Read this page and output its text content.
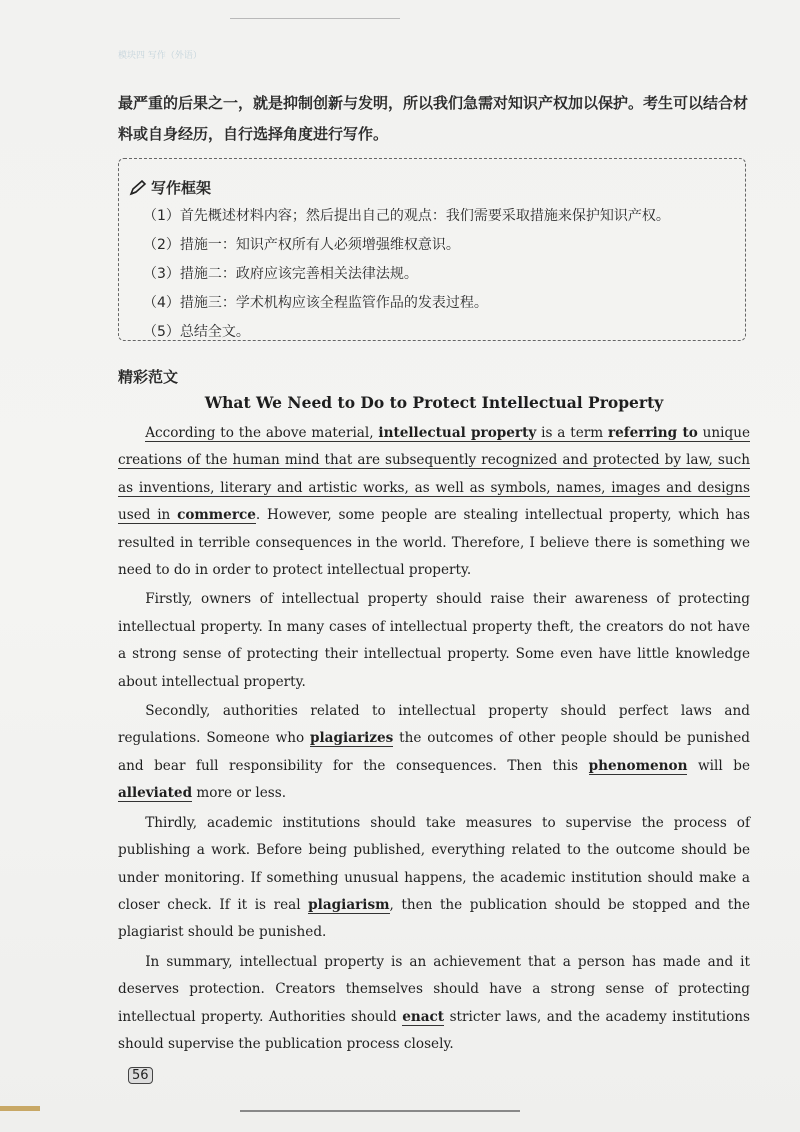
模块四 写作（外语）
最严重的后果之一，就是抑制创新与发明，所以我们急需对知识产权加以保护。考生可以结合材料或自身经历，自行选择角度进行写作。
写作框架
（1）首先概述材料内容；然后提出自己的观点：我们需要采取措施来保护知识产权。
（2）措施一：知识产权所有人必须增强维权意识。
（3）措施二：政府应该完善相关法律法规。
（4）措施三：学术机构应该全程监管作品的发表过程。
（5）总结全文。
精彩范文
What We Need to Do to Protect Intellectual Property

According to the above material, intellectual property is a term referring to unique creations of the human mind that are subsequently recognized and protected by law, such as inventions, literary and artistic works, as well as symbols, names, images and designs used in commerce. However, some people are stealing intellectual property, which has resulted in terrible consequences in the world. Therefore, I believe there is something we need to do in order to protect intellectual property.

Firstly, owners of intellectual property should raise their awareness of protecting intellectual property. In many cases of intellectual property theft, the creators do not have a strong sense of protecting their intellectual property. Some even have little knowledge about intellectual property.

Secondly, authorities related to intellectual property should perfect laws and regulations. Someone who plagiarizes the outcomes of other people should be punished and bear full responsibility for the consequences. Then this phenomenon will be alleviated more or less.

Thirdly, academic institutions should take measures to supervise the process of publishing a work. Before being published, everything related to the outcome should be under monitoring. If something unusual happens, the academic institution should make a closer check. If it is real plagiarism, then the publication should be stopped and the plagiarist should be punished.

In summary, intellectual property is an achievement that a person has made and it deserves protection. Creators themselves should have a strong sense of protecting intellectual property. Authorities should enact stricter laws, and the academy institutions should supervise the publication process closely.

56
